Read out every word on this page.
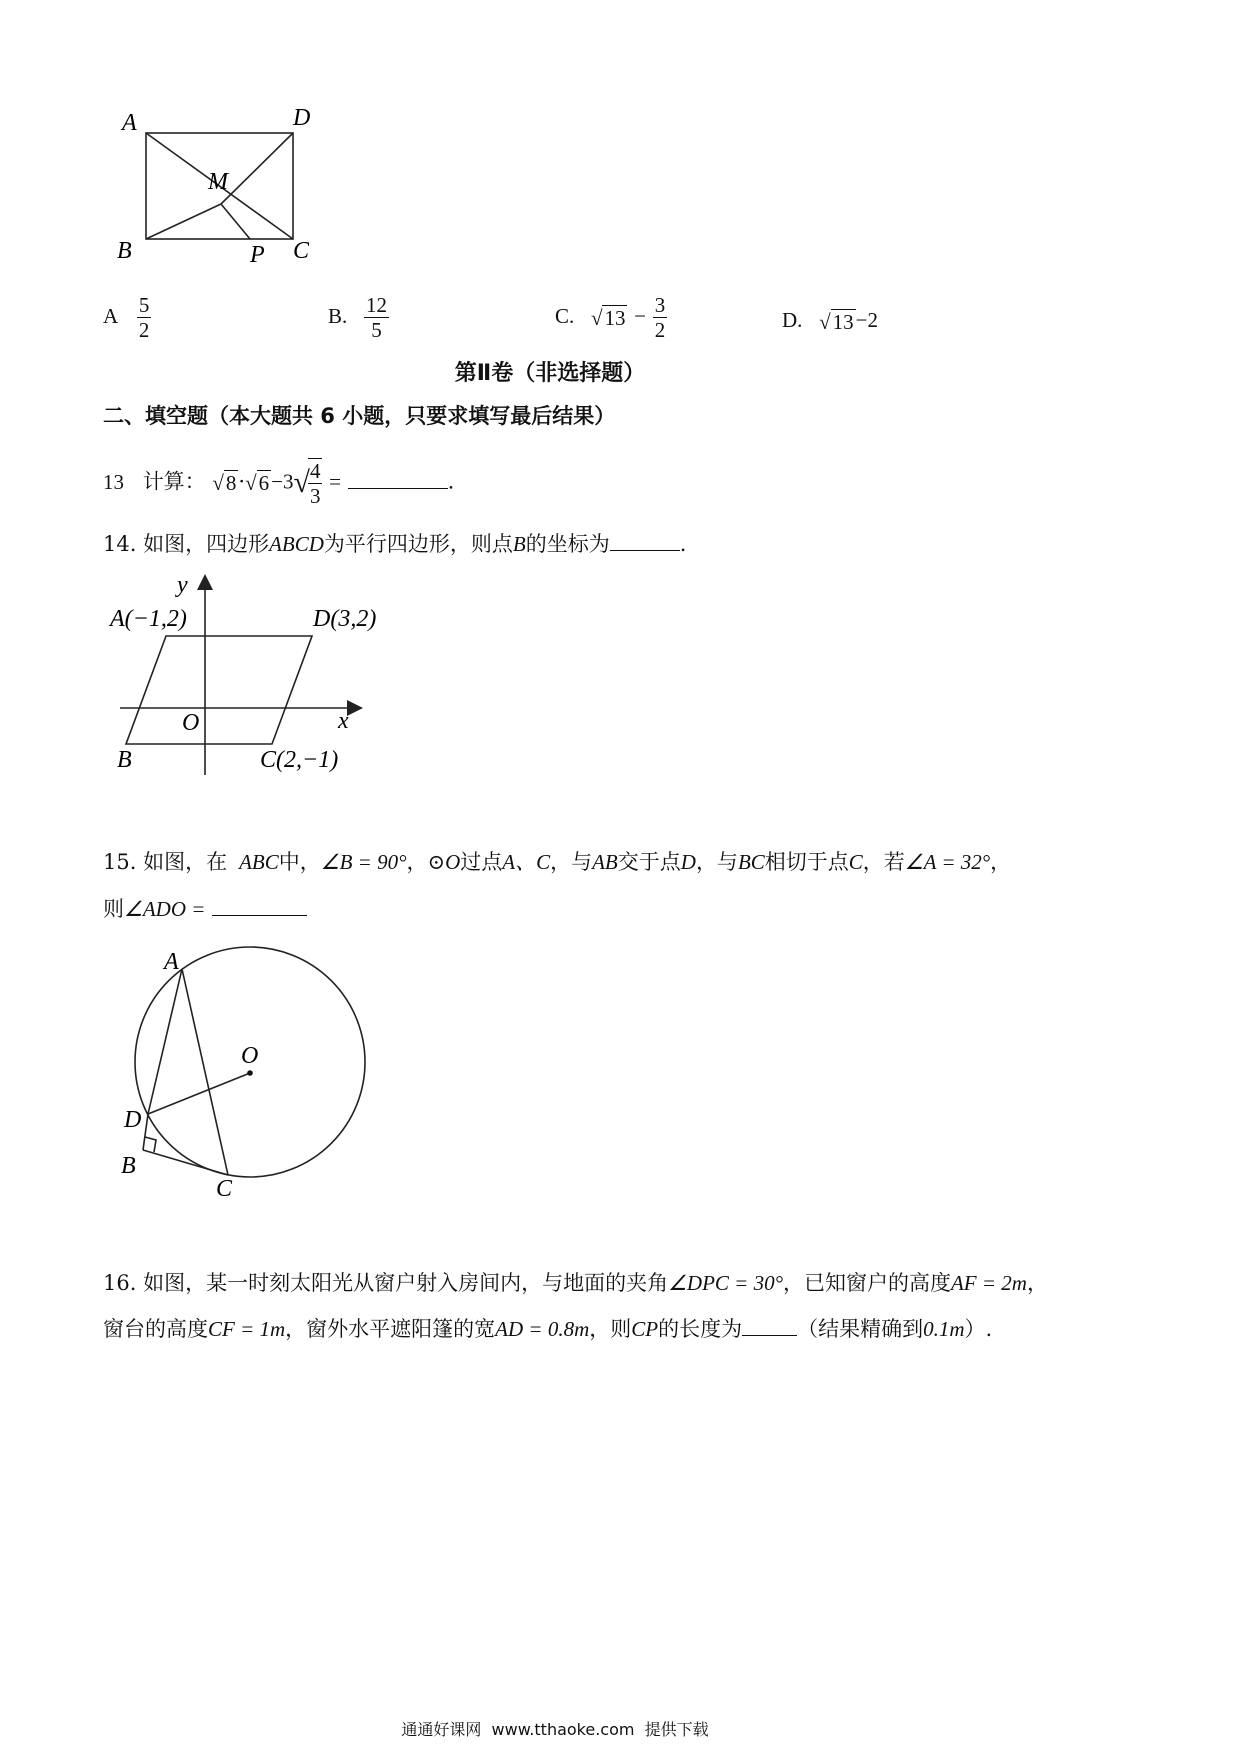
A	D
M
B	P C
A $\frac{5}{2}$	B. $\frac{12}{5}$	C. $√13 - \frac{3}{2}$	D. √13−2
第Ⅱ卷（非选择题）
二、填空题（本大题共 6 小题，只要求填写最后结果）
13 计算： √8·√6−3√
$\frac{4}{3}$ =	.
14. 如图，四边形ABCD为平行四边形，则点B的坐标为	.
y
x
O
A(−1,2)	D(3,2)
B	C(2,−1)
15. 如图，在 ABC中，∠B = 90°，⊙O过点A、C，与AB交于点D，与BC相切于点C，若∠A = 32°，
则∠ADO =
A
O
D
B
C
16. 如图，某一时刻太阳光从窗户射入房间内，与地面的夹角∠DPC = 30°，已知窗户的高度AF = 2m，
窗台的高度CF = 1m，窗外水平遮阳篷的宽AD = 0.8m，则CP的长度为	（结果精确到0.1m）.
通通好课网  www.tthaoke.com  提供下载
